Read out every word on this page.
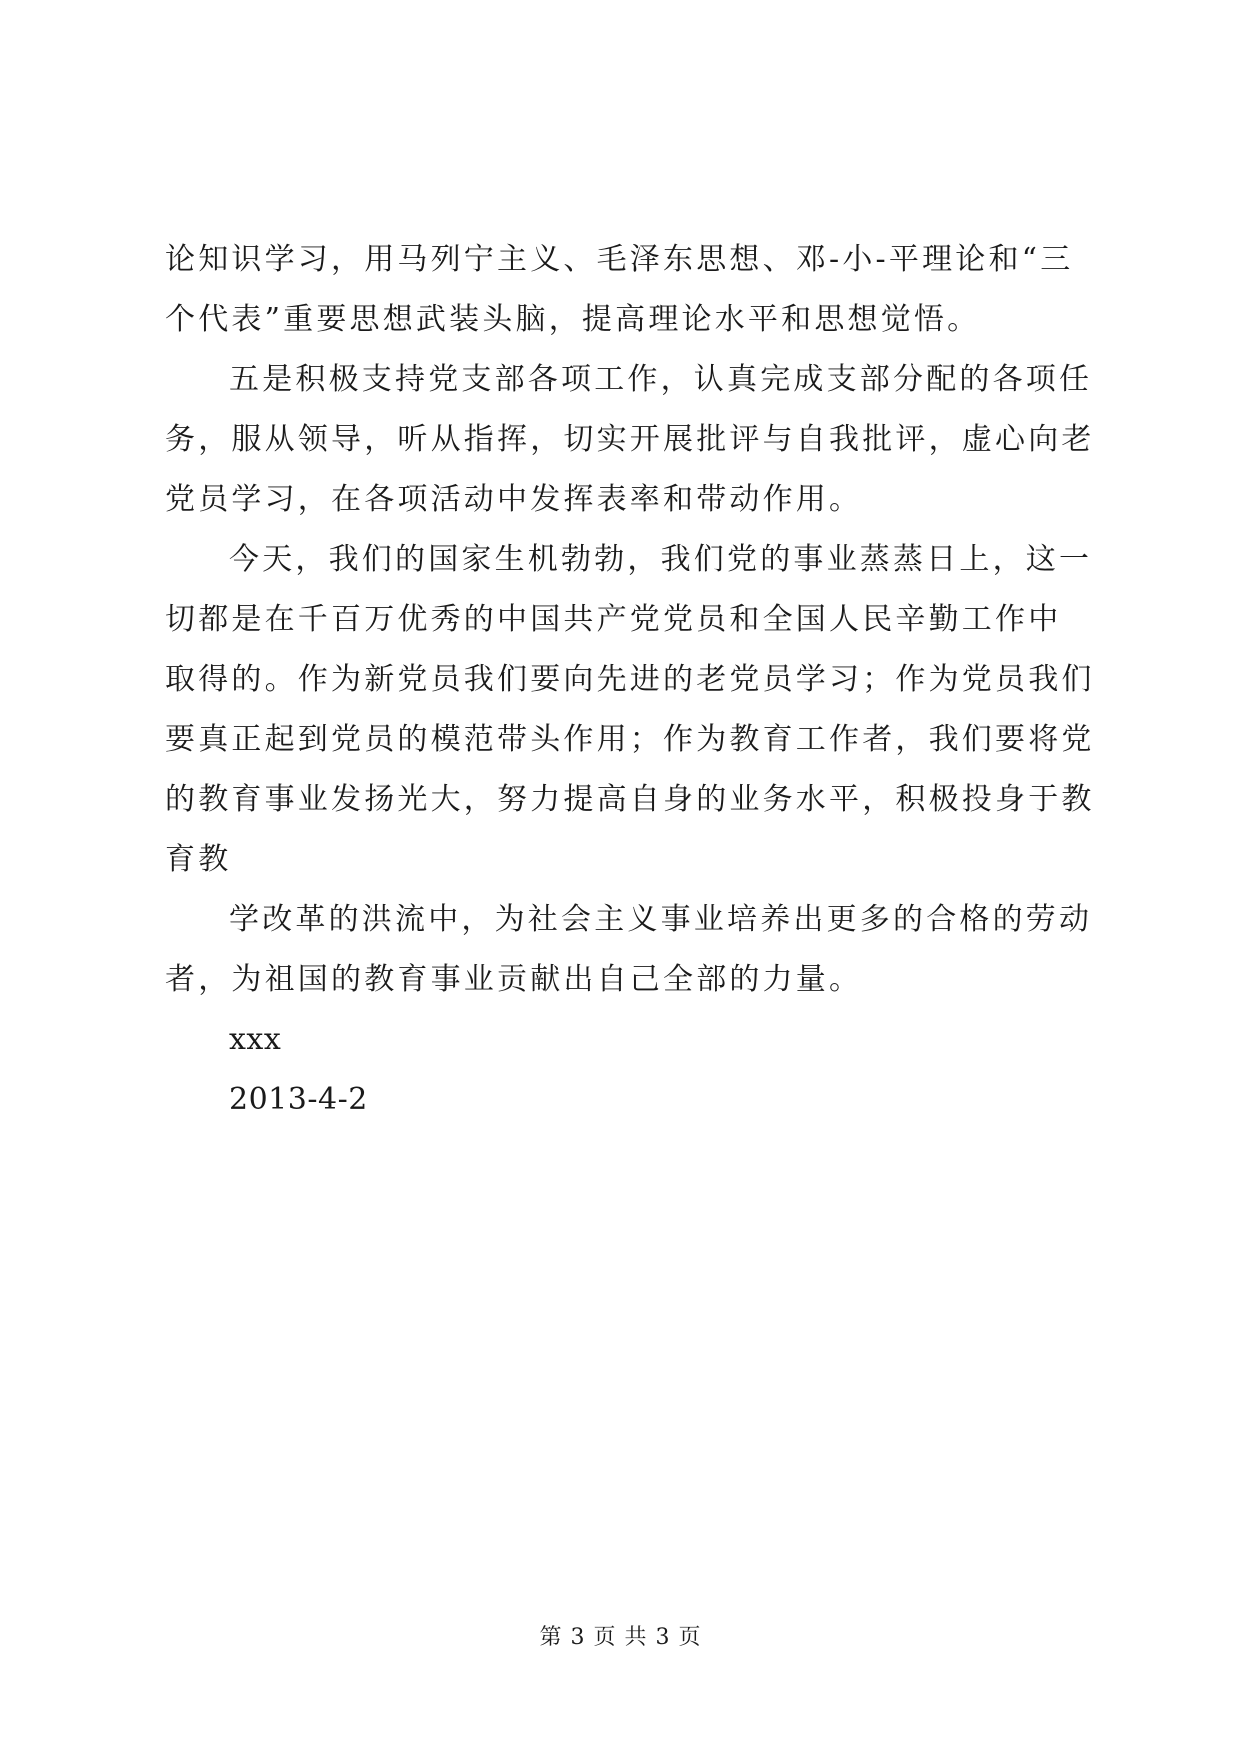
论知识学习，用马列宁主义、毛泽东思想、邓-小-平理论和“三
个代表”重要思想武装头脑，提高理论水平和思想觉悟。
五是积极支持党支部各项工作，认真完成支部分配的各项任
务，服从领导，听从指挥，切实开展批评与自我批评，虚心向老
党员学习，在各项活动中发挥表率和带动作用。
今天，我们的国家生机勃勃，我们党的事业蒸蒸日上，这一
切都是在千百万优秀的中国共产党党员和全国人民辛勤工作中
取得的。作为新党员我们要向先进的老党员学习；作为党员我们
要真正起到党员的模范带头作用；作为教育工作者，我们要将党
的教育事业发扬光大，努力提高自身的业务水平，积极投身于教
育教
学改革的洪流中，为社会主义事业培养出更多的合格的劳动
者，为祖国的教育事业贡献出自己全部的力量。
xxx
2013-4-2
第 3 页 共 3 页
